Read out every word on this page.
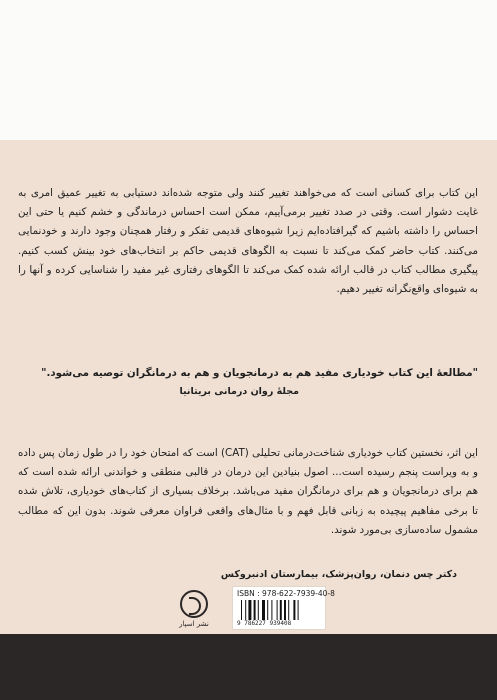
این کتاب برای کسانی است که می‌خواهند تغییر کنند ولی متوجه شده‌اند دستیابی به تغییر عمیق امری به غایت دشوار است. وقتی در صدد تغییر برمی‌آییم، ممکن است احساس درماندگی و خشم کنیم یا حتی این احساس را داشته باشیم که گیرافتاده‌ایم زیرا شیوه‌های قدیمی تفکر و رفتار همچنان وجود دارند و خودنمایی می‌کنند. کتاب حاضر کمک می‌کند تا نسبت به الگوهای قدیمی حاکم بر انتخاب‌های خود بینش کسب کنیم. پیگیری مطالب کتاب در قالب ارائه شده کمک می‌کند تا الگوهای رفتاری غیر مفید را شناسایی کرده و آنها را به شیوه‌ای واقع‌نگرانه تغییر دهیم.
"مطالعهٔ این کتاب خودیاری مفید هم به درمانجویان و هم به درمانگران توصیه می‌شود."
مجلهٔ روان درمانی بریتانیا
این اثر، نخستین کتاب خودیاری شناخت‌درمانی تحلیلی (CAT) است که امتحان خود را در طول زمان پس داده و به ویراست پنجم رسیده است... اصول بنیادین این درمان در قالبی منطقی و خواندنی ارائه شده است که هم برای درمانجویان و هم برای درمانگران مفید می‌باشد. برخلاف بسیاری از کتاب‌های خودیاری، تلاش شده تا برخی مفاهیم پیچیده به زبانی قابل فهم و با مثال‌های واقعی فراوان معرفی شوند. بدون این که مطالب مشمول ساده‌سازی بی‌مورد شوند.
دکتر چس دنمان، روان‌پزشک، بیمارستان ادنبروکس
نشر اسپار
ISBN : 978-622-7939-40-8
9 786227 939408
